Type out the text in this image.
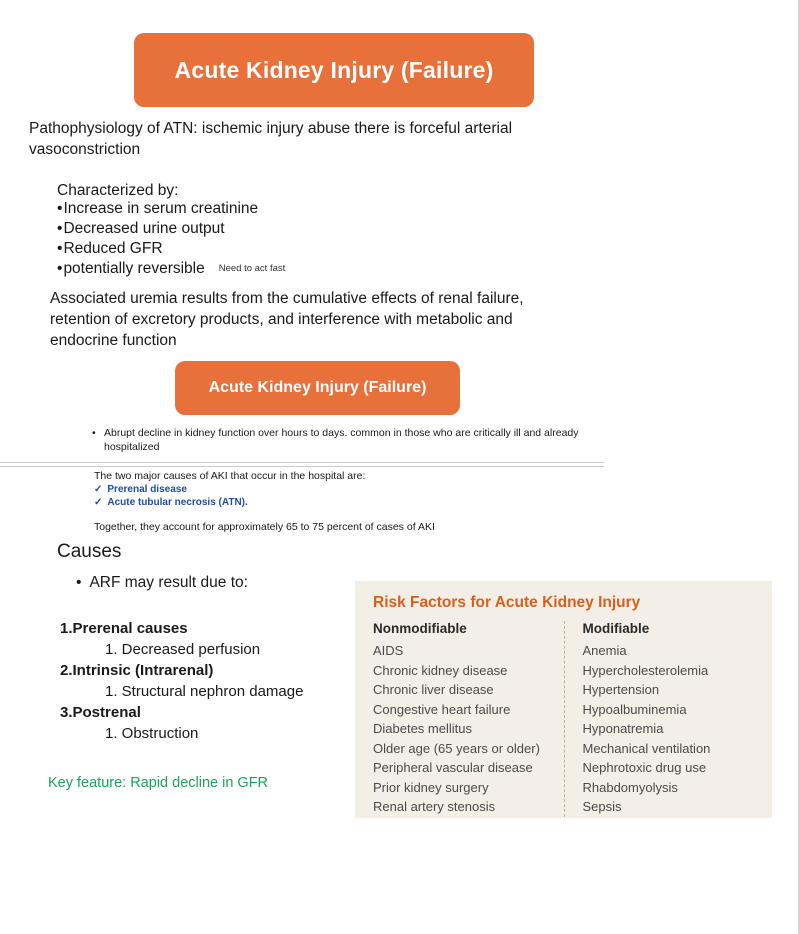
Acute Kidney Injury (Failure)
Pathophysiology of ATN: ischemic injury abuse there is forceful arterial vasoconstriction
Characterized by:
•Increase in serum creatinine
•Decreased urine output
•Reduced GFR
•potentially reversible Need to act fast
Associated uremia results from the cumulative effects of renal failure, retention of excretory products, and interference with metabolic and endocrine function
Acute Kidney Injury (Failure)
• Abrupt decline in kidney function over hours to days. common in those who are critically ill and already hospitalized
The two major causes of AKI that occur in the hospital are:
✓ Prerenal disease
✓ Acute tubular necrosis (ATN).
Together, they account for approximately 65 to 75 percent of cases of AKI
Causes
• ARF may result due to:
1.Prerenal causes
1. Decreased perfusion
2.Intrinsic (Intrarenal)
1. Structural nephron damage
3.Postrenal
1. Obstruction
Key feature: Rapid decline in GFR
Risk Factors for Acute Kidney Injury
Nonmodifiable
AIDS
Chronic kidney disease
Chronic liver disease
Congestive heart failure
Diabetes mellitus
Older age (65 years or older)
Peripheral vascular disease
Prior kidney surgery
Renal artery stenosis
Modifiable
Anemia
Hypercholesterolemia
Hypertension
Hypoalbuminemia
Hyponatremia
Mechanical ventilation
Nephrotoxic drug use
Rhabdomyolysis
Sepsis
